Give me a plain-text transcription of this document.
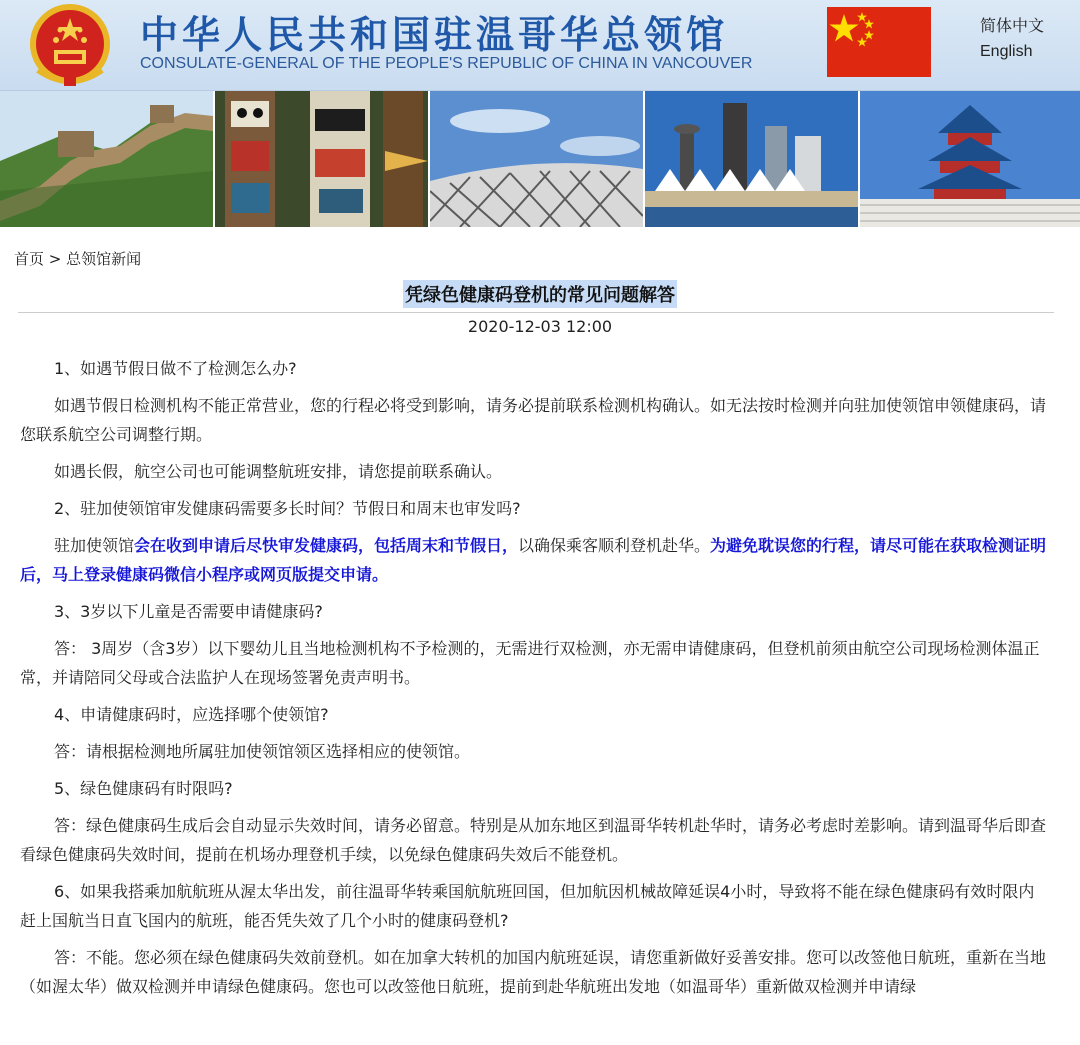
中华人民共和国驻温哥华总领馆
CONSULATE-GENERAL OF THE PEOPLE'S REPUBLIC OF CHINA IN VANCOUVER
简体中文
English
首页 > 总领馆新闻
凭绿色健康码登机的常见问题解答
2020-12-03 12:00

1、如遇节假日做不了检测怎么办?

如遇节假日检测机构不能正常营业，您的行程必将受到影响，请务必提前联系检测机构确认。如无法按时检测并向驻加使领馆申领健康码，请您联系航空公司调整行期。

如遇长假，航空公司也可能调整航班安排，请您提前联系确认。

2、驻加使领馆审发健康码需要多长时间？节假日和周末也审发吗?

驻加使领馆会在收到申请后尽快审发健康码，包括周末和节假日，以确保乘客顺利登机赴华。为避免耽误您的行程，请尽可能在获取检测证明后，马上登录健康码微信小程序或网页版提交申请。

3、3岁以下儿童是否需要申请健康码?

答： 3周岁（含3岁）以下婴幼儿且当地检测机构不予检测的，无需进行双检测，亦无需申请健康码，但登机前须由航空公司现场检测体温正常，并请陪同父母或合法监护人在现场签署免责声明书。

4、申请健康码时，应选择哪个使领馆?

答：请根据检测地所属驻加使领馆领区选择相应的使领馆。

5、绿色健康码有时限吗?

答：绿色健康码生成后会自动显示失效时间，请务必留意。特别是从加东地区到温哥华转机赴华时，请务必考虑时差影响。请到温哥华后即查看绿色健康码失效时间，提前在机场办理登机手续，以免绿色健康码失效后不能登机。

6、如果我搭乘加航航班从渥太华出发，前往温哥华转乘国航航班回国，但加航因机械故障延误4小时，导致将不能在绿色健康码有效时限内赶上国航当日直飞国内的航班，能否凭失效了几个小时的健康码登机?

答：不能。您必须在绿色健康码失效前登机。如在加拿大转机的加国内航班延误，请您重新做好妥善安排。您可以改签他日航班，重新在当地（如渥太华）做双检测并申请绿色健康码。您也可以改签他日航班，提前到赴华航班出发地（如温哥华）重新做双检测并申请绿
